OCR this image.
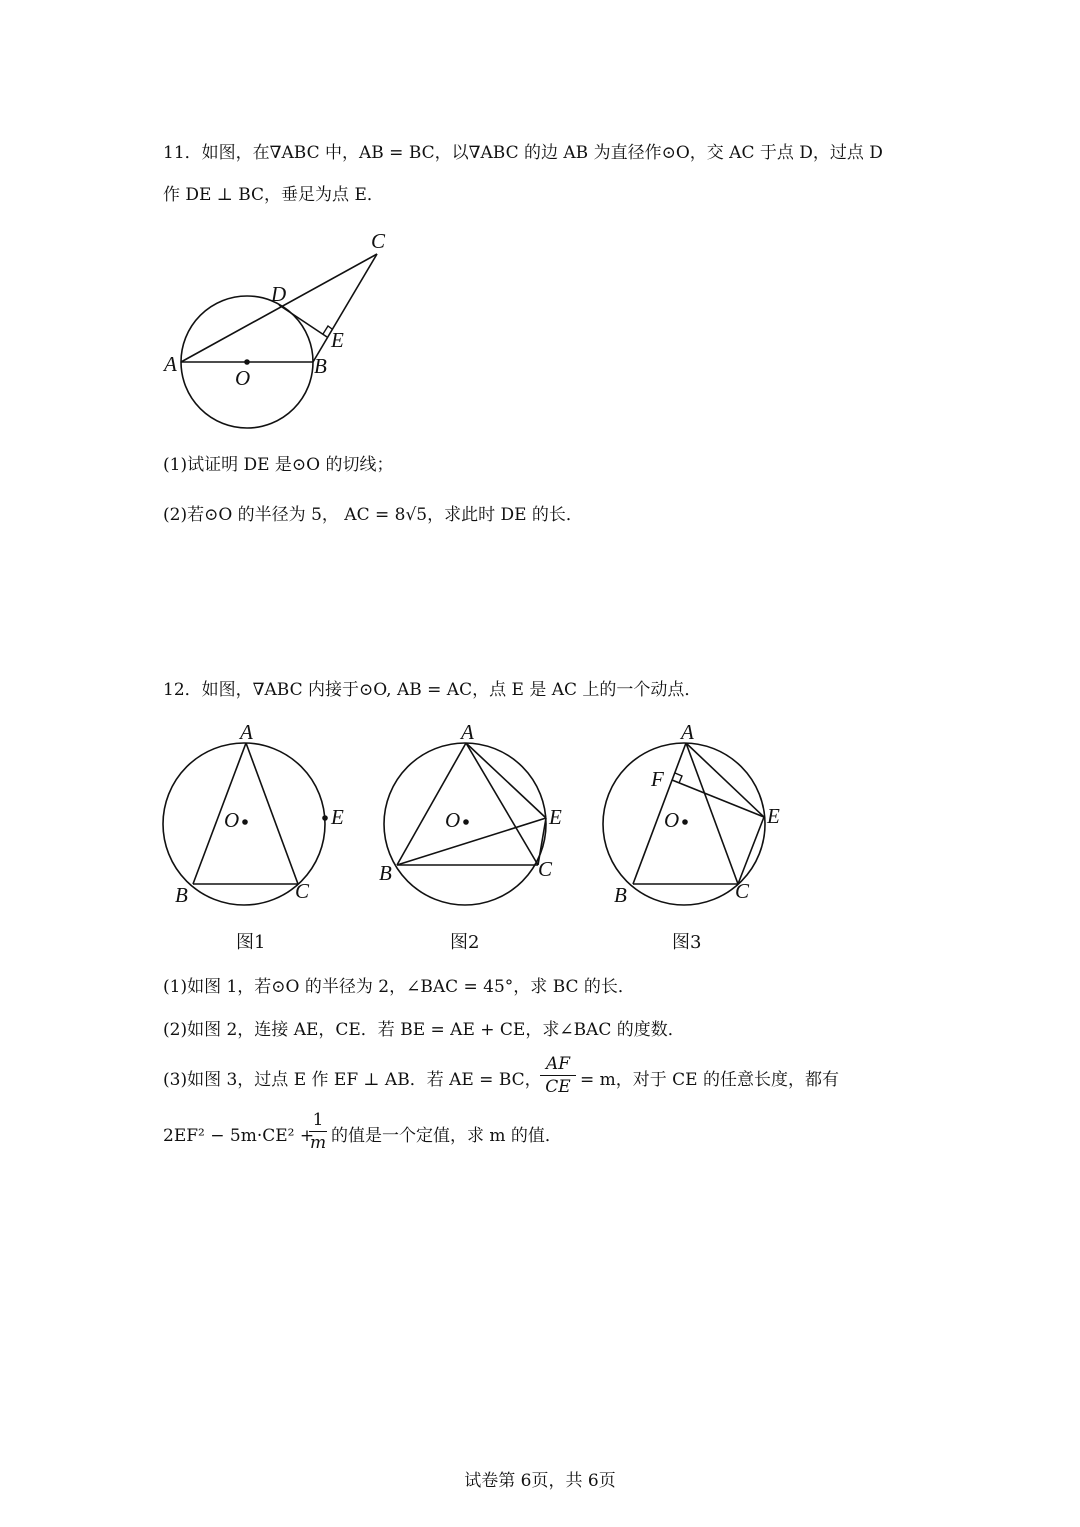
11．如图，在∇ABC 中，AB = BC，以∇ABC 的边 AB 为直径作⊙O，交 AC 于点 D，过点 D
作 DE ⊥ BC，垂足为点 E．
A	B
C
D
E
O
(1)试证明 DE 是⊙O 的切线；
(2)若⊙O 的半径为 5， AC = 8√5，求此时 DE 的长．
12．如图，∇ABC 内接于⊙O, AB = AC，点 E 是 AC 上的一个动点．
A
B	C
E
O
A
B	C
E
O
A
B	C
E
F
O
图1	图2	图3
(1)如图 1，若⊙O 的半径为 2，∠BAC = 45°，求 BC 的长．
(2)如图 2，连接 AE，CE．若 BE = AE + CE，求∠BAC 的度数．
(3)如图 3，过点 E 作 EF ⊥ AB．若 AE = BC，
AF
CE = m，对于 CE 的任意长度，都有
2EF² − 5m·CE² +
1
m 的值是一个定值，求 m 的值．
试卷第 6页，共 6页
